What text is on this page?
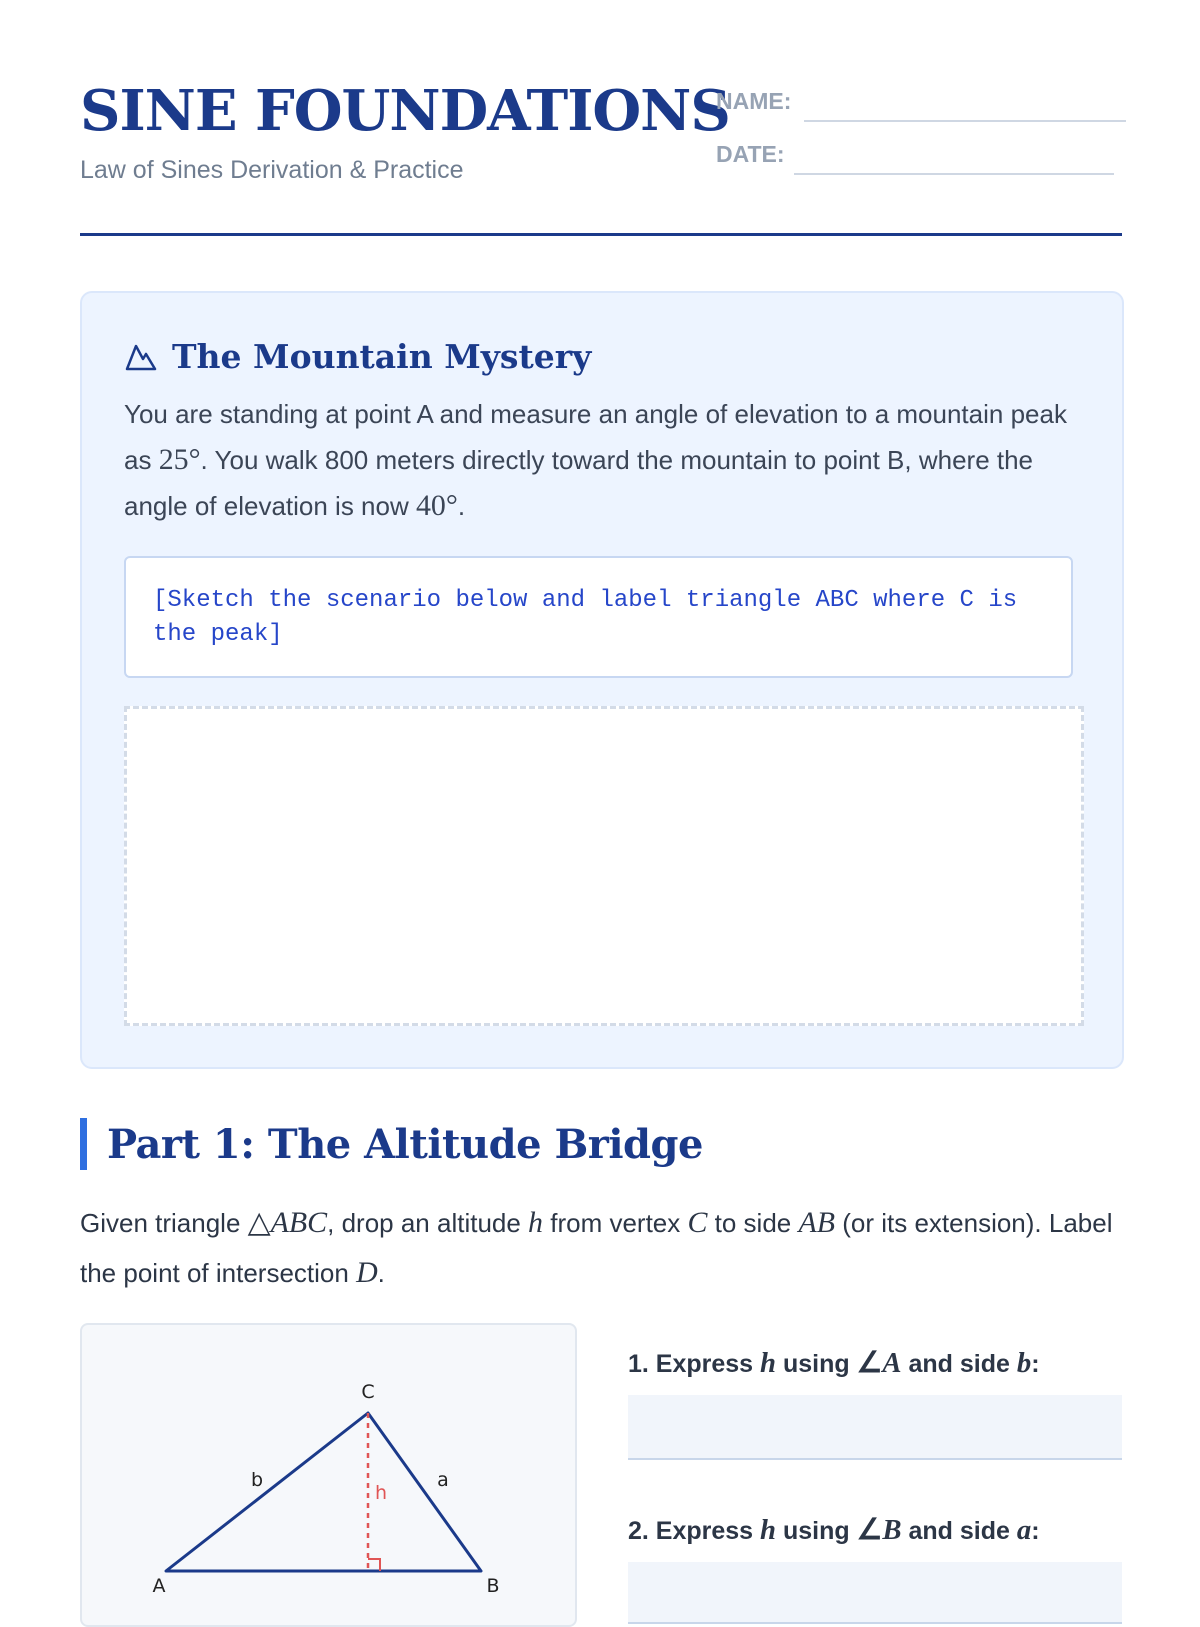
SINE FOUNDATIONS
Law of Sines Derivation & Practice
NAME:
DATE:
The Mountain Mystery
You are standing at point A and measure an angle of elevation to a mountain peak as 25°. You walk 800 meters directly toward the mountain to point B, where the angle of elevation is now 40°.
[Sketch the scenario below and label triangle ABC where C is the peak]
Part 1: The Altitude Bridge
Given triangle △ABC, drop an altitude h from vertex C to side AB (or its extension). Label the point of intersection D.
C
A	B
b	a
h
1. Express h using ∠A and side b:
2. Express h using ∠B and side a:
